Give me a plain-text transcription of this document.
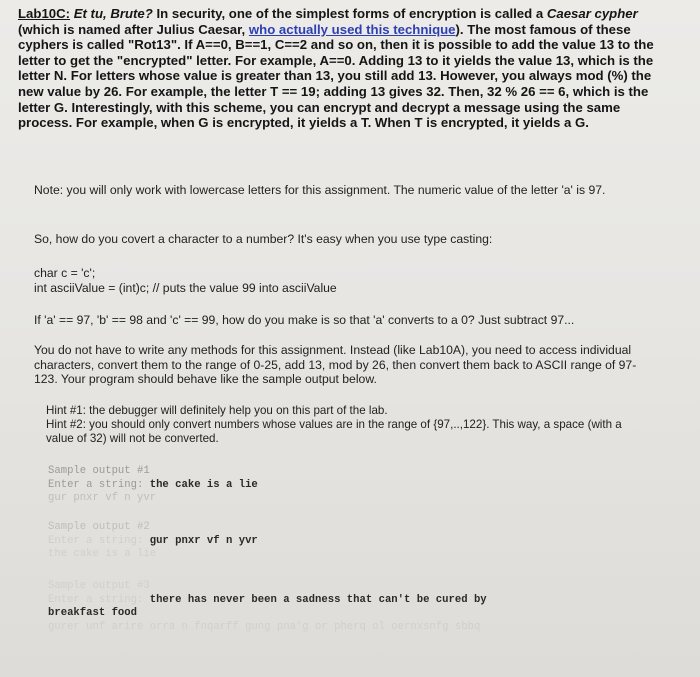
Lab10C: Et tu, Brute? In security, one of the simplest forms of encryption is called a Caesar cypher (which is named after Julius Caesar, who actually used this technique). The most famous of these cyphers is called "Rot13". If A==0, B==1, C==2 and so on, then it is possible to add the value 13 to the letter to get the "encrypted" letter. For example, A==0. Adding 13 to it yields the value 13, which is the letter N. For letters whose value is greater than 13, you still add 13. However, you always mod (%) the new value by 26. For example, the letter T == 19; adding 13 gives 32. Then, 32 % 26 == 6, which is the letter G. Interestingly, with this scheme, you can encrypt and decrypt a message using the same process. For example, when G is encrypted, it yields a T. When T is encrypted, it yields a G.
Note: you will only work with lowercase letters for this assignment. The numeric value of the letter 'a' is 97.
So, how do you covert a character to a number? It's easy when you use type casting:
char c = 'c';
int asciiValue = (int)c; // puts the value 99 into asciiValue
If 'a' == 97, 'b' == 98 and 'c' == 99, how do you make is so that 'a' converts to a 0? Just subtract 97...
You do not have to write any methods for this assignment. Instead (like Lab10A), you need to access individual characters, convert them to the range of 0-25, add 13, mod by 26, then convert them back to ASCII range of 97-123. Your program should behave like the sample output below.
Hint #1: the debugger will definitely help you on this part of the lab.
Hint #2: you should only convert numbers whose values are in the range of {97,..,122}. This way, a space (with a value of 32) will not be converted.
Sample output #1
Enter a string: the cake is a lie
gur pnxr vf n yvr
Sample output #2
Enter a string: gur pnxr vf n yvr
the cake is a lie
Sample output #3
Enter a string: there has never been a sadness that can't be cured by
breakfast food
gurer unf arire orra n fnqarff gung pna'g or pherq ol oernxsnfg sbbq
